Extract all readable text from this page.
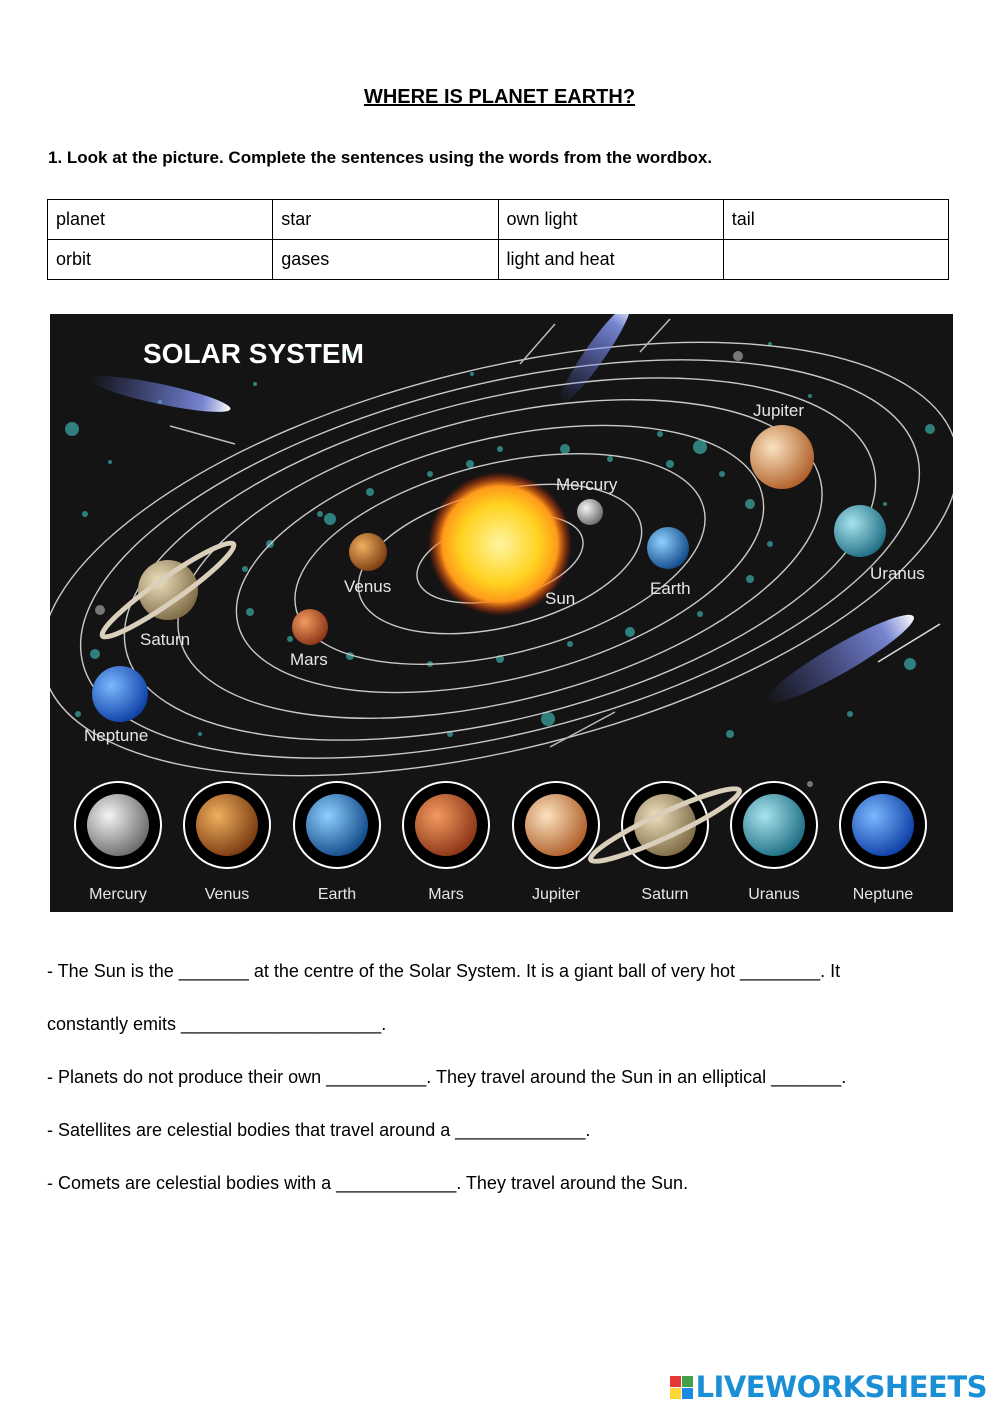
WHERE IS PLANET EARTH?
1. Look at the picture. Complete the sentences using the words from the wordbox.
planet	star	own light	tail
orbit	gases	light and heat	
SOLAR SYSTEM
Mercury
Jupiter
Venus
Sun
Earth
Uranus
Saturn
Mars
Neptune
Mercury	Venus	Earth	Mars	Jupiter	Saturn	Uranus	Neptune

- The Sun is the _______ at the centre of the Solar System. It is a giant ball of very hot ________. It

constantly emits ____________________.

- Planets do not produce their own __________. They travel around the Sun in an elliptical _______.

- Satellites are celestial bodies that travel around a _____________.

- Comets are celestial bodies with a ____________. They travel around the Sun.

LIVEWORKSHEETS
